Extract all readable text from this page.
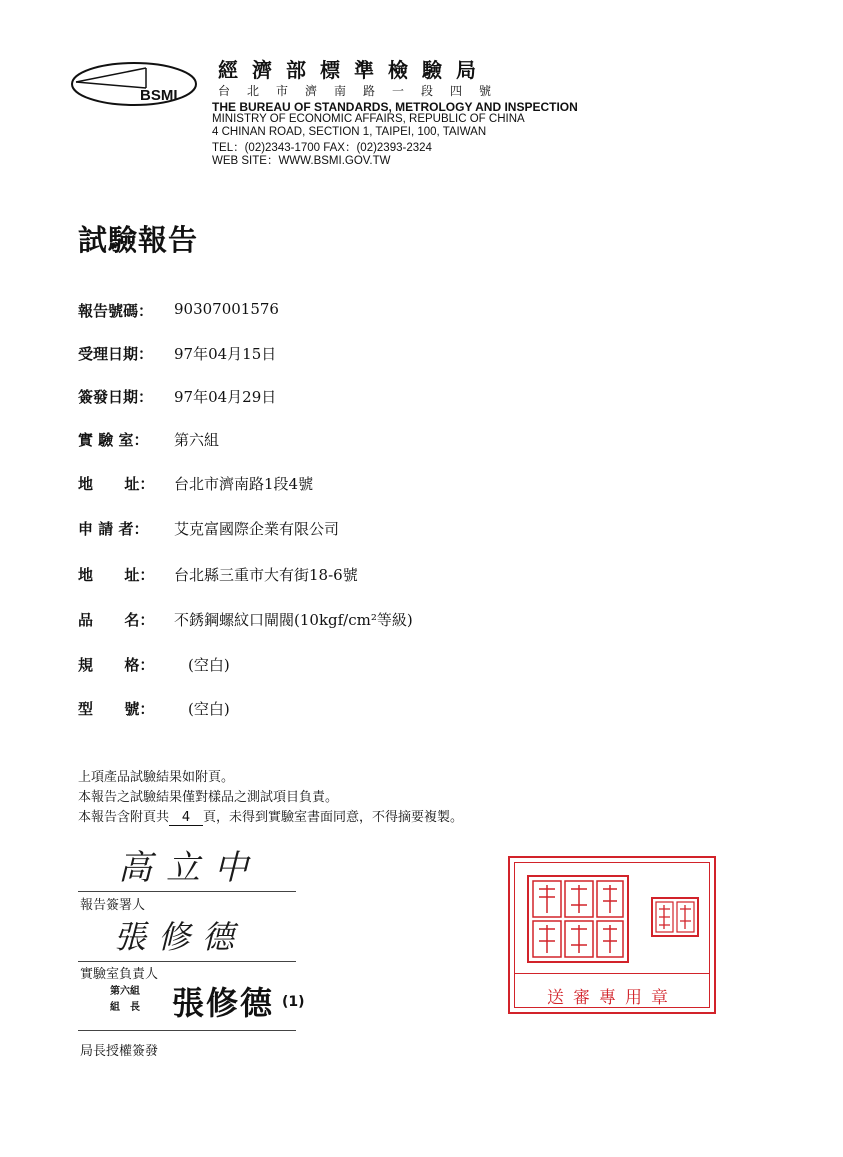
BSMI
經濟部標準檢驗局
台北市濟南路一段四號
THE BUREAU OF STANDARDS, METROLOGY AND INSPECTION
MINISTRY OF ECONOMIC AFFAIRS, REPUBLIC OF CHINA
4 CHINAN ROAD, SECTION 1, TAIPEI, 100, TAIWAN
TEL：(02)2343-1700 FAX：(02)2393-2324
WEB SITE：WWW.BSMI.GOV.TW
試驗報告
報告號碼：	90307001576
受理日期：	97年04月15日
簽發日期：	97年04月29日
實 驗 室：	第六組
地      址：	台北市濟南路1段4號
申 請 者：	艾克富國際企業有限公司
地      址：	台北縣三重市大有街18-6號
品      名：	不銹鋼螺紋口閘閥(10kgf/cm²等級)
規      格：	(空白)
型      號：	(空白)
上項產品試驗結果如附頁。
本報告之試驗結果僅對樣品之測試項目負責。
本報告含附頁共 4 頁，未得到實驗室書面同意，不得摘要複製。
高立中
報告簽署人
張修德
實驗室負責人
第六組
組　長 張修德 (1)
局長授權簽發
送審專用章
